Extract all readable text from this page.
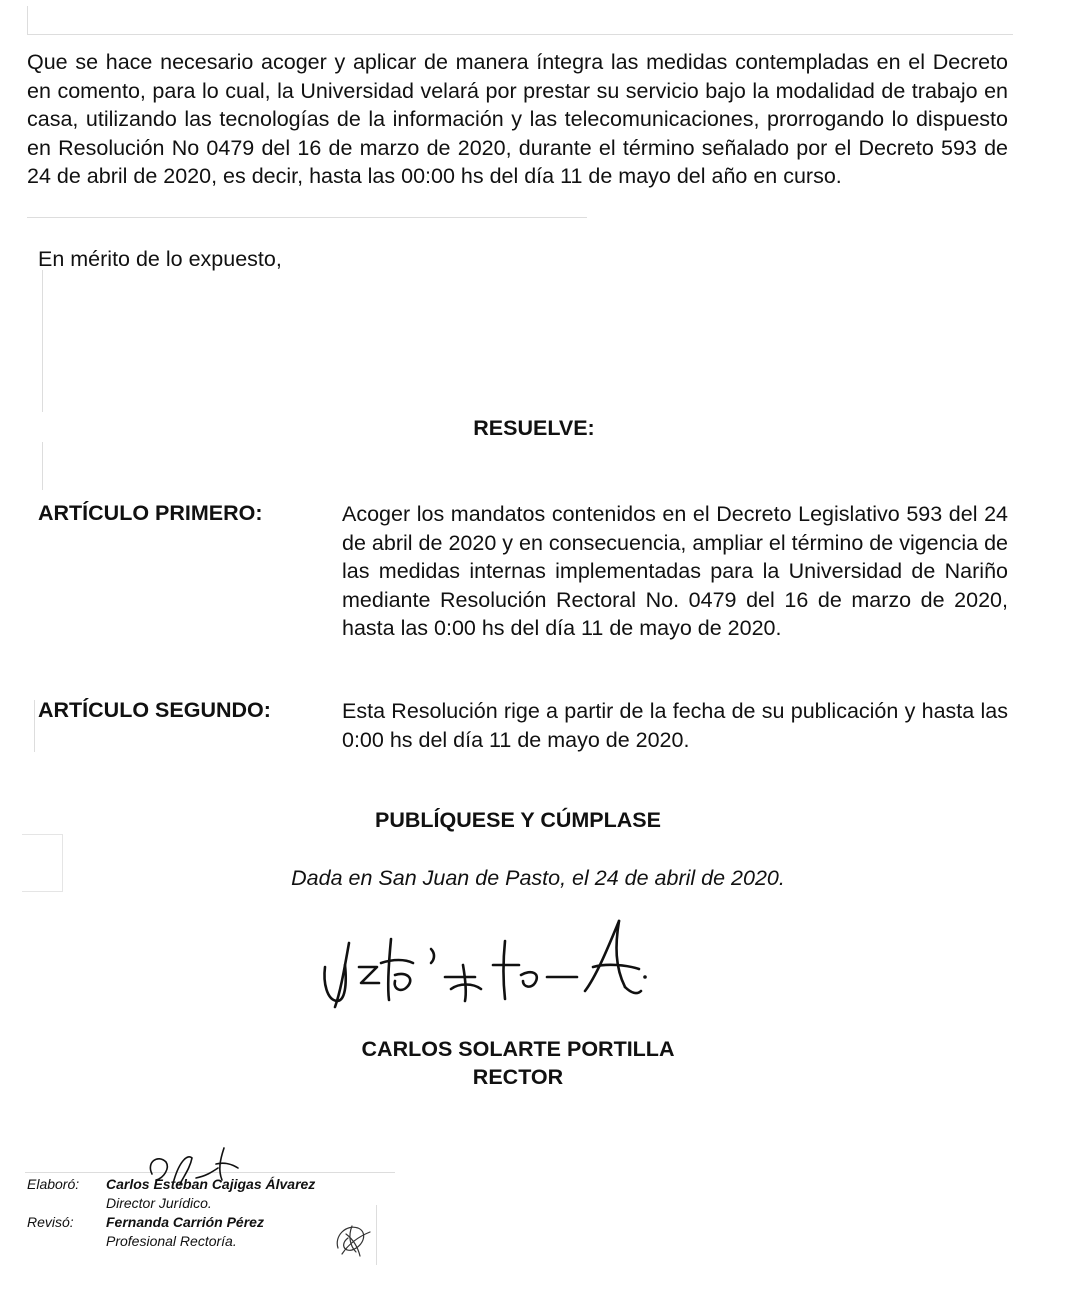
Que se hace necesario acoger y aplicar de manera íntegra las medidas contempladas en el Decreto en comento, para lo cual, la Universidad velará por prestar su servicio bajo la modalidad de trabajo en casa, utilizando las tecnologías de la información y las telecomunicaciones, prorrogando lo dispuesto en Resolución No 0479 del 16 de marzo de 2020, durante el término señalado por el Decreto 593 de 24 de abril de 2020, es decir, hasta las 00:00 hs del día 11 de mayo del año en curso.
En mérito de lo expuesto,
RESUELVE:
ARTÍCULO PRIMERO:	Acoger los mandatos contenidos en el Decreto Legislativo 593 del 24 de abril de 2020 y en consecuencia, ampliar el término de vigencia de las medidas internas implementadas para la Universidad de Nariño mediante Resolución Rectoral No. 0479 del 16 de marzo de 2020, hasta las 0:00 hs del día 11 de mayo de 2020.
ARTÍCULO SEGUNDO:	Esta Resolución rige a partir de la fecha de su publicación y hasta las 0:00 hs del día 11 de mayo de 2020.
PUBLÍQUESE Y CÚMPLASE
Dada en San Juan de Pasto, el 24 de abril de 2020.
CARLOS SOLARTE PORTILLA
RECTOR
Elaboró: Carlos Esteban Cajigas Álvarez
Director Jurídico.
Revisó: Fernanda Carrión Pérez
Profesional Rectoría.
